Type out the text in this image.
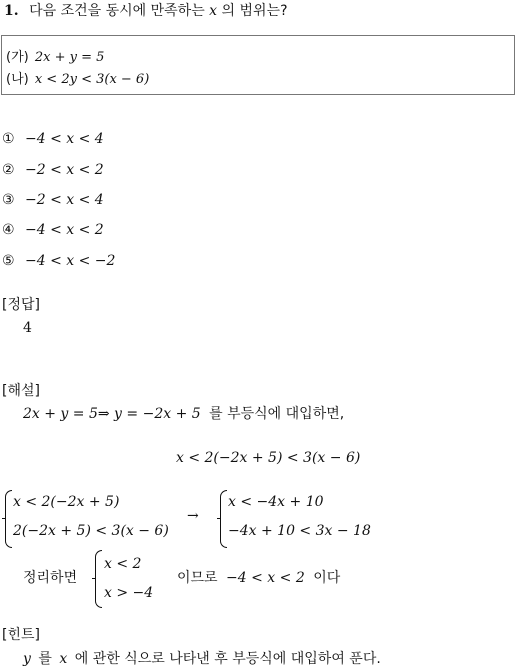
1. 다음 조건을 동시에 만족하는 x 의 범위는?
(가) 2x + y = 5
(나) x < 2y < 3(x − 6)
① −4 < x < 4
② −2 < x < 2
③ −2 < x < 4
④ −4 < x < 2
⑤ −4 < x < −2
[정답]
4
[해설]
2x + y = 5⇒ y = −2x + 5 를 부등식에 대입하면,
x < 2(−2x + 5) < 3(x − 6)
x < 2(−2x + 5)
2(−2x + 5) < 3(x − 6)
→
x < −4x + 10
−4x + 10 < 3x − 18
정리하면
x < 2
x > −4
이므로 −4 < x < 2 이다
[힌트]
y 를 x 에 관한 식으로 나타낸 후 부등식에 대입하여 푼다.
